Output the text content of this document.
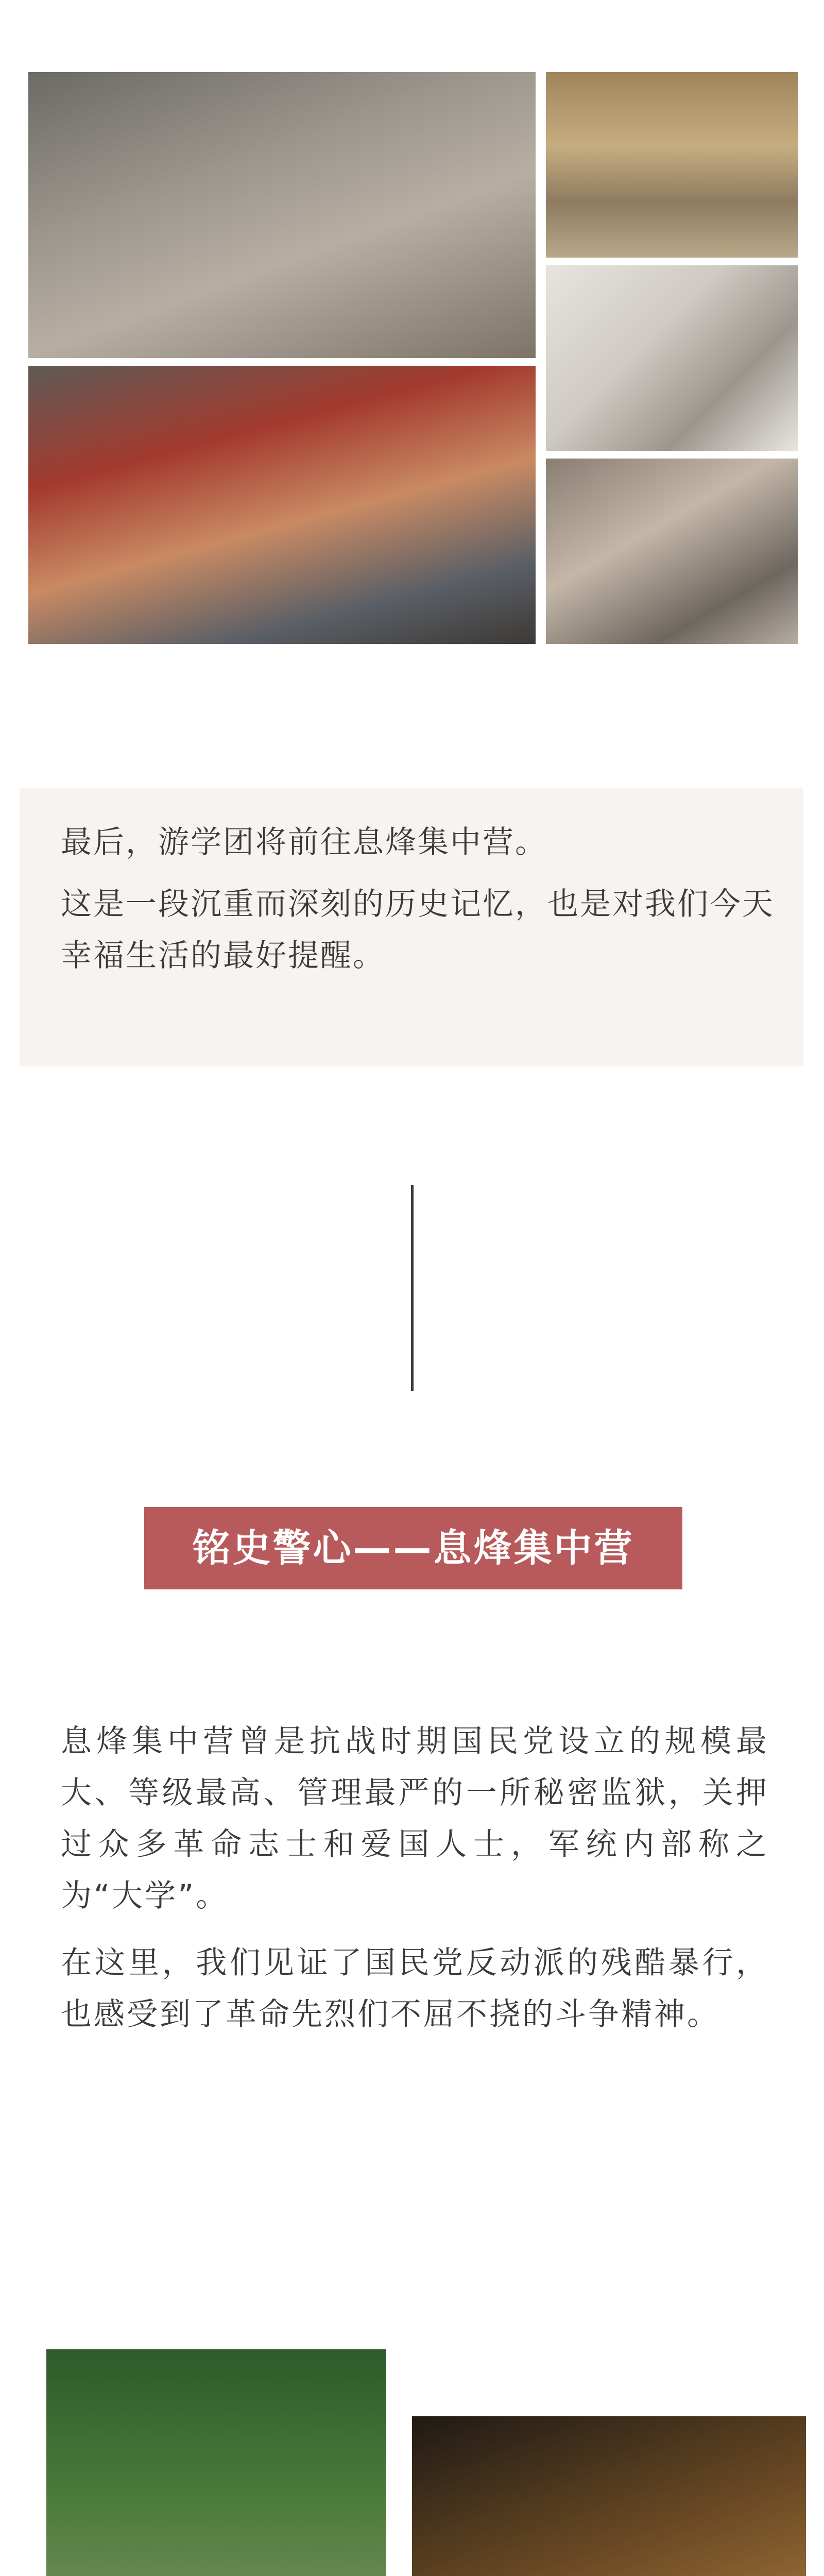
最后，游学团将前往息烽集中营。

这是一段沉重而深刻的历史记忆，也是对我们今天幸福生活的最好提醒。

铭史警心——息烽集中营

息烽集中营曾是抗战时期国民党设立的规模最大、等级最高、管理最严的一所秘密监狱，关押过众多革命志士和爱国人士，军统内部称之为“大学”。

在这里，我们见证了国民党反动派的残酷暴行，也感受到了革命先烈们不屈不挠的斗争精神。
